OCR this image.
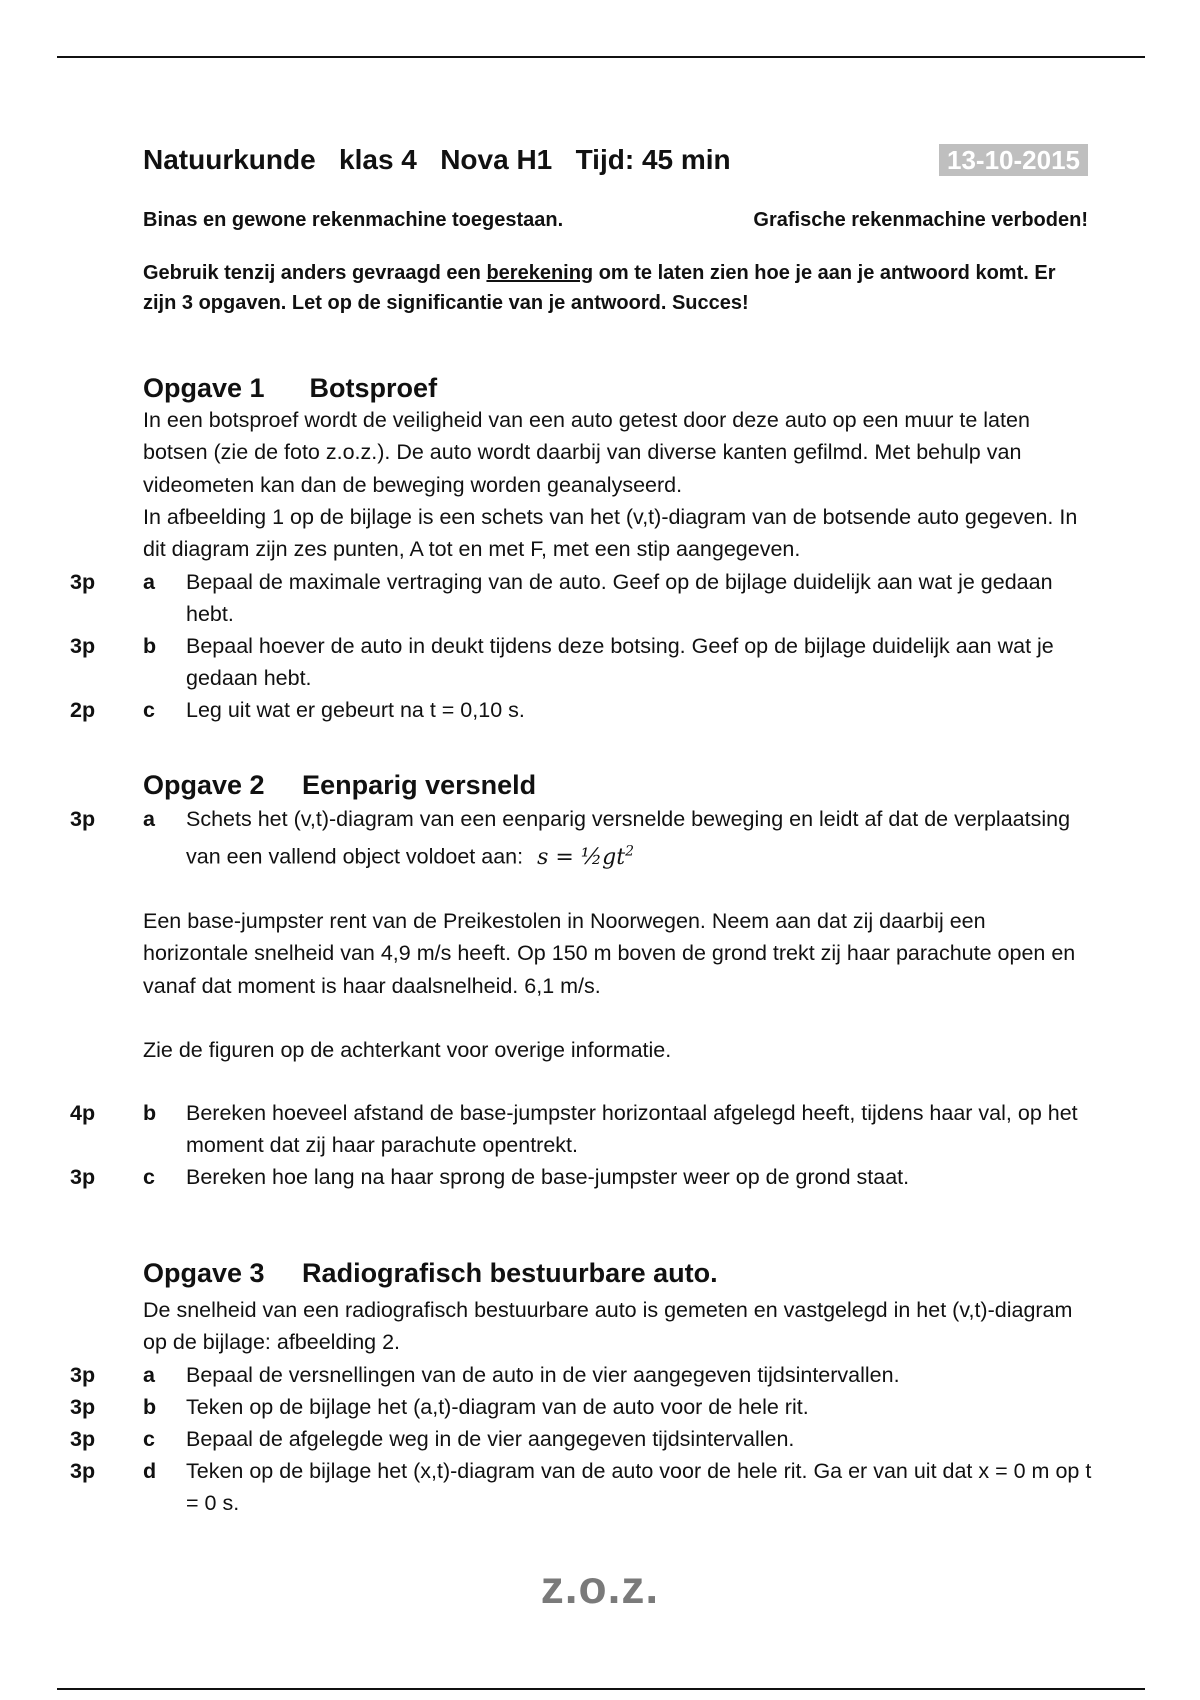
Natuurkunde   klas 4   Nova H1   Tijd: 45 min	13-10-2015
Binas en gewone rekenmachine toegestaan.	Grafische rekenmachine verboden!
Gebruik tenzij anders gevraagd een berekening om te laten zien hoe je aan je antwoord komt. Er zijn 3 opgaven. Let op de significantie van je antwoord. Succes!
Opgave 1      Botsproef
In een botsproef wordt de veiligheid van een auto getest door deze auto op een muur te laten botsen (zie de foto z.o.z.). De auto wordt daarbij van diverse kanten gefilmd. Met behulp van videometen kan dan de beweging worden geanalyseerd.
In afbeelding 1 op de bijlage is een schets van het (v,t)-diagram van de botsende auto gegeven. In dit diagram zijn zes punten, A tot en met F, met een stip aangegeven.
3p a Bepaal de maximale vertraging van de auto. Geef op de bijlage duidelijk aan wat je gedaan hebt.
3p b Bepaal hoever de auto in deukt tijdens deze botsing. Geef op de bijlage duidelijk aan wat je gedaan hebt.
2p c Leg uit wat er gebeurt na t = 0,10 s.
Opgave 2     Eenparig versneld
3p a Schets het (v,t)-diagram van een eenparig versnelde beweging en leidt af dat de verplaatsing van een vallend object voldoet aan: $s = \frac{1}{2}gt^2$
Een base-jumpster rent van de Preikestolen in Noorwegen. Neem aan dat zij daarbij een horizontale snelheid van 4,9 m/s heeft. Op 150 m boven de grond trekt zij haar parachute open en vanaf dat moment is haar daalsnelheid. 6,1 m/s.
Zie de figuren op de achterkant voor overige informatie.
4p b Bereken hoeveel afstand de base-jumpster horizontaal afgelegd heeft, tijdens haar val, op het moment dat zij haar parachute opentrekt.
3p c Bereken hoe lang na haar sprong de base-jumpster weer op de grond staat.
Opgave 3     Radiografisch bestuurbare auto.
De snelheid van een radiografisch bestuurbare auto is gemeten en vastgelegd in het (v,t)-diagram op de bijlage: afbeelding 2.
3p a Bepaal de versnellingen van de auto in de vier aangegeven tijdsintervallen.
3p b Teken op de bijlage het (a,t)-diagram van de auto voor de hele rit.
3p c Bepaal de afgelegde weg in de vier aangegeven tijdsintervallen.
3p d Teken op de bijlage het (x,t)-diagram van de auto voor de hele rit. Ga er van uit dat x = 0 m op t = 0 s.
z.o.z.
